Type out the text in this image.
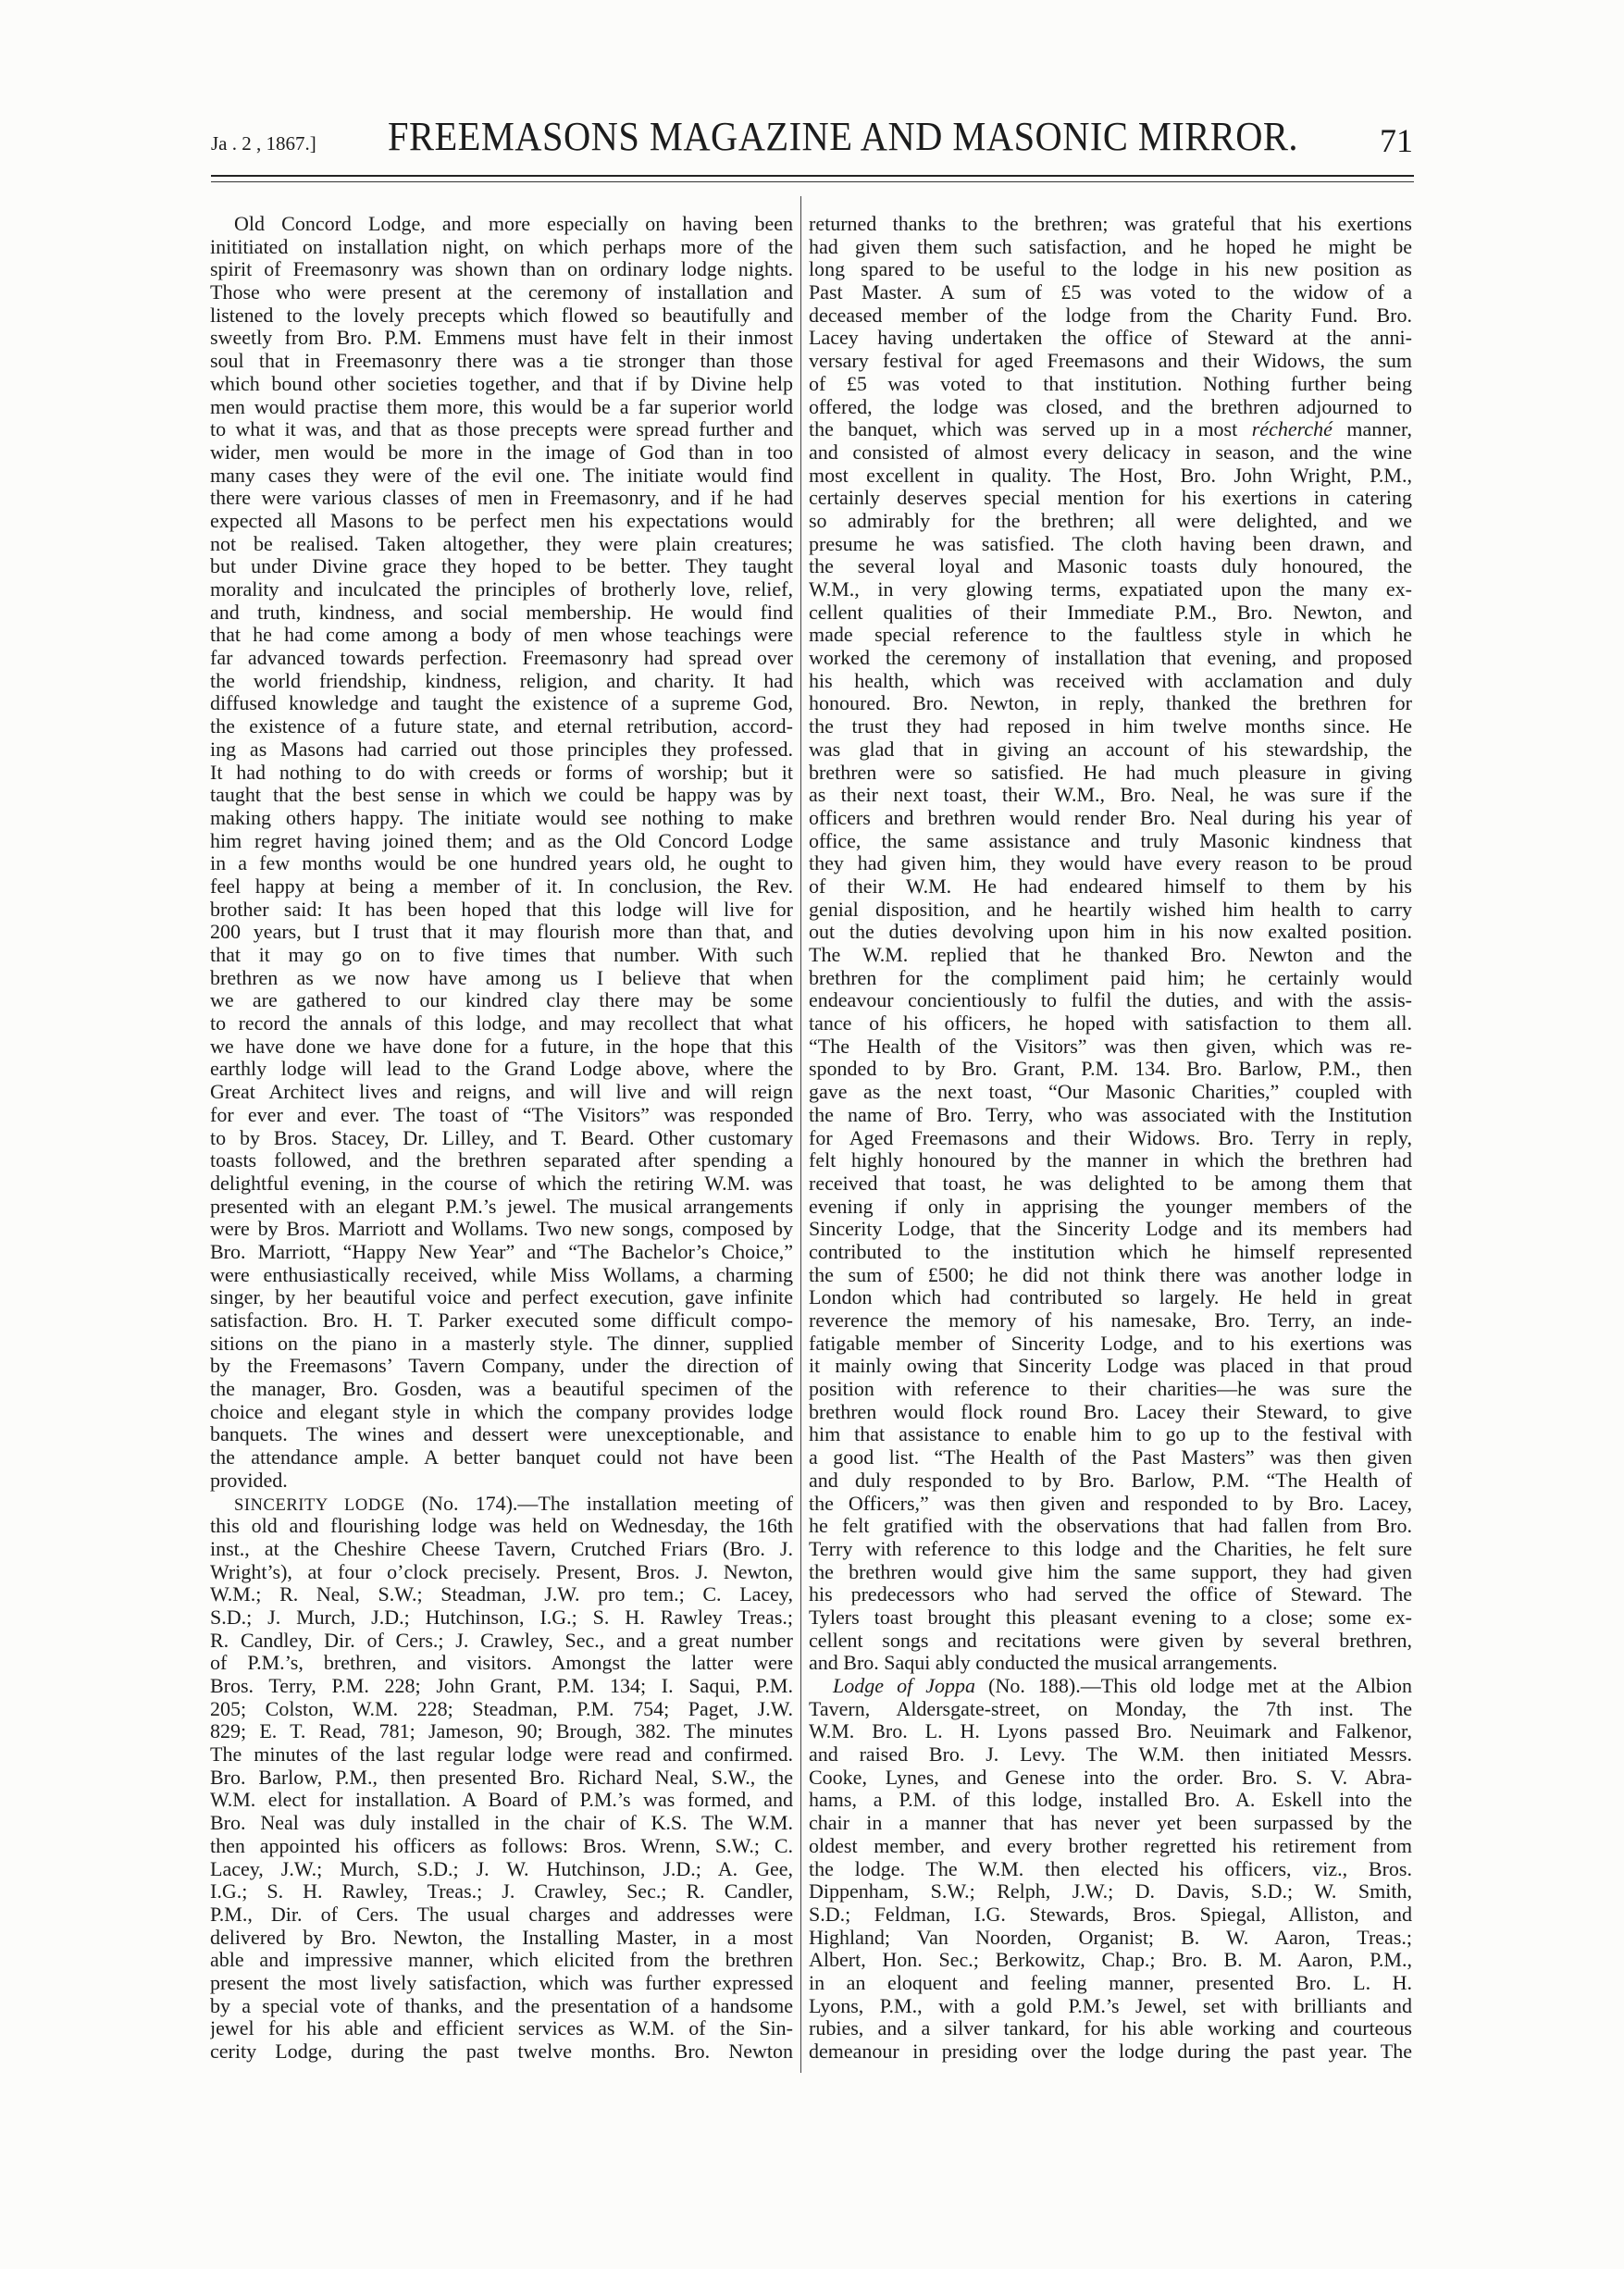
Ja . 2 , 1867.]	FREEMASONS MAGAZINE AND MASONIC MIRROR.	71
Old Concord Lodge, and more especially on having been
inititiated on installation night, on which perhaps more of the
spirit of Freemasonry was shown than on ordinary lodge nights.
Those who were present at the ceremony of installation and
listened to the lovely precepts which flowed so beautifully and
sweetly from Bro. P.M. Emmens must have felt in their inmost
soul that in Freemasonry there was a tie stronger than those
which bound other societies together, and that if by Divine help
men would practise them more, this would be a far superior world
to what it was, and that as those precepts were spread further and
wider, men would be more in the image of God than in too
many cases they were of the evil one. The initiate would find
there were various classes of men in Freemasonry, and if he had
expected all Masons to be perfect men his expectations would
not be realised. Taken altogether, they were plain creatures;
but under Divine grace they hoped to be better. They taught
morality and inculcated the principles of brotherly love, relief,
and truth, kindness, and social membership. He would find
that he had come among a body of men whose teachings were
far advanced towards perfection. Freemasonry had spread over
the world friendship, kindness, religion, and charity. It had
diffused knowledge and taught the existence of a supreme God,
the existence of a future state, and eternal retribution, accord-
ing as Masons had carried out those principles they professed.
It had nothing to do with creeds or forms of worship; but it
taught that the best sense in which we could be happy was by
making others happy. The initiate would see nothing to make
him regret having joined them; and as the Old Concord Lodge
in a few months would be one hundred years old, he ought to
feel happy at being a member of it. In conclusion, the Rev.
brother said: It has been hoped that this lodge will live for
200 years, but I trust that it may flourish more than that, and
that it may go on to five times that number. With such
brethren as we now have among us I believe that when
we are gathered to our kindred clay there may be some
to record the annals of this lodge, and may recollect that what
we have done we have done for a future, in the hope that this
earthly lodge will lead to the Grand Lodge above, where the
Great Architect lives and reigns, and will live and will reign
for ever and ever. The toast of “The Visitors” was responded
to by Bros. Stacey, Dr. Lilley, and T. Beard. Other customary
toasts followed, and the brethren separated after spending a
delightful evening, in the course of which the retiring W.M. was
presented with an elegant P.M.’s jewel. The musical arrangements
were by Bros. Marriott and Wollams. Two new songs, composed by
Bro. Marriott, “Happy New Year” and “The Bachelor’s Choice,”
were enthusiastically received, while Miss Wollams, a charming
singer, by her beautiful voice and perfect execution, gave infinite
satisfaction. Bro. H. T. Parker executed some difficult compo-
sitions on the piano in a masterly style. The dinner, supplied
by the Freemasons’ Tavern Company, under the direction of
the manager, Bro. Gosden, was a beautiful specimen of the
choice and elegant style in which the company provides lodge
banquets. The wines and dessert were unexceptionable, and
the attendance ample. A better banquet could not have been
provided.
SINCERITY LODGE (No. 174).—The installation meeting of
this old and flourishing lodge was held on Wednesday, the 16th
inst., at the Cheshire Cheese Tavern, Crutched Friars (Bro. J.
Wright’s), at four o’clock precisely. Present, Bros. J. Newton,
W.M.; R. Neal, S.W.; Steadman, J.W. pro tem.; C. Lacey,
S.D.; J. Murch, J.D.; Hutchinson, I.G.; S. H. Rawley Treas.;
R. Candley, Dir. of Cers.; J. Crawley, Sec., and a great number
of P.M.’s, brethren, and visitors. Amongst the latter were
Bros. Terry, P.M. 228; John Grant, P.M. 134; I. Saqui, P.M.
205; Colston, W.M. 228; Steadman, P.M. 754; Paget, J.W.
829; E. T. Read, 781; Jameson, 90; Brough, 382. The minutes
The minutes of the last regular lodge were read and confirmed.
Bro. Barlow, P.M., then presented Bro. Richard Neal, S.W., the
W.M. elect for installation. A Board of P.M.’s was formed, and
Bro. Neal was duly installed in the chair of K.S. The W.M.
then appointed his officers as follows: Bros. Wrenn, S.W.; C.
Lacey, J.W.; Murch, S.D.; J. W. Hutchinson, J.D.; A. Gee,
I.G.; S. H. Rawley, Treas.; J. Crawley, Sec.; R. Candler,
P.M., Dir. of Cers. The usual charges and addresses were
delivered by Bro. Newton, the Installing Master, in a most
able and impressive manner, which elicited from the brethren
present the most lively satisfaction, which was further expressed
by a special vote of thanks, and the presentation of a handsome
jewel for his able and efficient services as W.M. of the Sin-
cerity Lodge, during the past twelve months. Bro. Newton
returned thanks to the brethren; was grateful that his exertions
had given them such satisfaction, and he hoped he might be
long spared to be useful to the lodge in his new position as
Past Master. A sum of £5 was voted to the widow of a
deceased member of the lodge from the Charity Fund. Bro.
Lacey having undertaken the office of Steward at the anni-
versary festival for aged Freemasons and their Widows, the sum
of £5 was voted to that institution. Nothing further being
offered, the lodge was closed, and the brethren adjourned to
the banquet, which was served up in a most récherché manner,
and consisted of almost every delicacy in season, and the wine
most excellent in quality. The Host, Bro. John Wright, P.M.,
certainly deserves special mention for his exertions in catering
so admirably for the brethren; all were delighted, and we
presume he was satisfied. The cloth having been drawn, and
the several loyal and Masonic toasts duly honoured, the
W.M., in very glowing terms, expatiated upon the many ex-
cellent qualities of their Immediate P.M., Bro. Newton, and
made special reference to the faultless style in which he
worked the ceremony of installation that evening, and proposed
his health, which was received with acclamation and duly
honoured. Bro. Newton, in reply, thanked the brethren for
the trust they had reposed in him twelve months since. He
was glad that in giving an account of his stewardship, the
brethren were so satisfied. He had much pleasure in giving
as their next toast, their W.M., Bro. Neal, he was sure if the
officers and brethren would render Bro. Neal during his year of
office, the same assistance and truly Masonic kindness that
they had given him, they would have every reason to be proud
of their W.M. He had endeared himself to them by his
genial disposition, and he heartily wished him health to carry
out the duties devolving upon him in his now exalted position.
The W.M. replied that he thanked Bro. Newton and the
brethren for the compliment paid him; he certainly would
endeavour concientiously to fulfil the duties, and with the assis-
tance of his officers, he hoped with satisfaction to them all.
“The Health of the Visitors” was then given, which was re-
sponded to by Bro. Grant, P.M. 134. Bro. Barlow, P.M., then
gave as the next toast, “Our Masonic Charities,” coupled with
the name of Bro. Terry, who was associated with the Institution
for Aged Freemasons and their Widows. Bro. Terry in reply,
felt highly honoured by the manner in which the brethren had
received that toast, he was delighted to be among them that
evening if only in apprising the younger members of the
Sincerity Lodge, that the Sincerity Lodge and its members had
contributed to the institution which he himself represented
the sum of £500; he did not think there was another lodge in
London which had contributed so largely. He held in great
reverence the memory of his namesake, Bro. Terry, an inde-
fatigable member of Sincerity Lodge, and to his exertions was
it mainly owing that Sincerity Lodge was placed in that proud
position with reference to their charities—he was sure the
brethren would flock round Bro. Lacey their Steward, to give
him that assistance to enable him to go up to the festival with
a good list. “The Health of the Past Masters” was then given
and duly responded to by Bro. Barlow, P.M. “The Health of
the Officers,” was then given and responded to by Bro. Lacey,
he felt gratified with the observations that had fallen from Bro.
Terry with reference to this lodge and the Charities, he felt sure
the brethren would give him the same support, they had given
his predecessors who had served the office of Steward. The
Tylers toast brought this pleasant evening to a close; some ex-
cellent songs and recitations were given by several brethren,
and Bro. Saqui ably conducted the musical arrangements.
Lodge of Joppa (No. 188).—This old lodge met at the Albion
Tavern, Aldersgate-street, on Monday, the 7th inst. The
W.M. Bro. L. H. Lyons passed Bro. Neuimark and Falkenor,
and raised Bro. J. Levy. The W.M. then initiated Messrs.
Cooke, Lynes, and Genese into the order. Bro. S. V. Abra-
hams, a P.M. of this lodge, installed Bro. A. Eskell into the
chair in a manner that has never yet been surpassed by the
oldest member, and every brother regretted his retirement from
the lodge. The W.M. then elected his officers, viz., Bros.
Dippenham, S.W.; Relph, J.W.; D. Davis, S.D.; W. Smith,
S.D.; Feldman, I.G. Stewards, Bros. Spiegal, Alliston, and
Highland; Van Noorden, Organist; B. W. Aaron, Treas.;
Albert, Hon. Sec.; Berkowitz, Chap.; Bro. B. M. Aaron, P.M.,
in an eloquent and feeling manner, presented Bro. L. H.
Lyons, P.M., with a gold P.M.’s Jewel, set with brilliants and
rubies, and a silver tankard, for his able working and courteous
demeanour in presiding over the lodge during the past year. The
